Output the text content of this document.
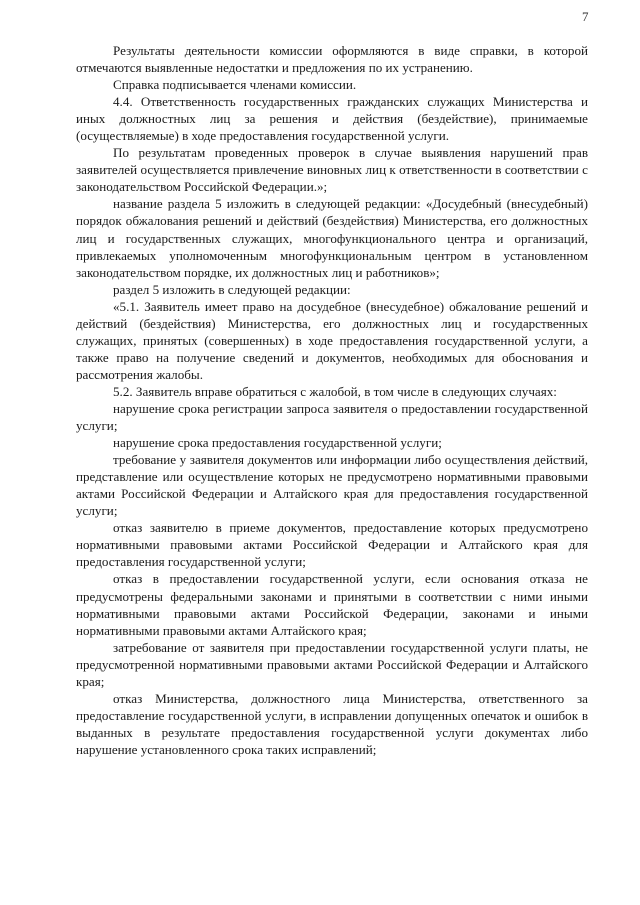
7

Результаты деятельности комиссии оформляются в виде справки, в которой отмечаются выявленные недостатки и предложения по их устранению.

Справка подписывается членами комиссии.

4.4. Ответственность государственных гражданских служащих Министерства и иных должностных лиц за решения и действия (бездействие), принимаемые (осуществляемые) в ходе предоставления государственной услуги.

По результатам проведенных проверок в случае выявления нарушений прав заявителей осуществляется привлечение виновных лиц к ответственности в соответствии с законодательством Российской Федерации.»;

название раздела 5 изложить в следующей редакции: «Досудебный (внесудебный) порядок обжалования решений и действий (бездействия) Министерства, его должностных лиц и государственных служащих, многофункционального центра и организаций, привлекаемых уполномоченным многофункциональным центром в установленном законодательством порядке, их должностных лиц и работников»;

раздел 5 изложить в следующей редакции:

«5.1. Заявитель имеет право на досудебное (внесудебное) обжалование решений и действий (бездействия) Министерства, его должностных лиц и государственных служащих, принятых (совершенных) в ходе предоставления государственной услуги, а также право на получение сведений и документов, необходимых для обоснования и рассмотрения жалобы.

5.2. Заявитель вправе обратиться с жалобой, в том числе в следующих случаях:

нарушение срока регистрации запроса заявителя о предоставлении государственной услуги;

нарушение срока предоставления государственной услуги;

требование у заявителя документов или информации либо осуществления действий, представление или осуществление которых не предусмотрено нормативными правовыми актами Российской Федерации и Алтайского края для предоставления государственной услуги;

отказ заявителю в приеме документов, предоставление которых предусмотрено нормативными правовыми актами Российской Федерации и Алтайского края для предоставления государственной услуги;

отказ в предоставлении государственной услуги, если основания отказа не предусмотрены федеральными законами и принятыми в соответствии с ними иными нормативными правовыми актами Российской Федерации, законами и иными нормативными правовыми актами Алтайского края;

затребование от заявителя при предоставлении государственной услуги платы, не предусмотренной нормативными правовыми актами Российской Федерации и Алтайского края;

отказ Министерства, должностного лица Министерства, ответственного за предоставление государственной услуги, в исправлении допущенных опечаток и ошибок в выданных в результате предоставления государственной услуги документах либо нарушение установленного срока таких исправлений;
